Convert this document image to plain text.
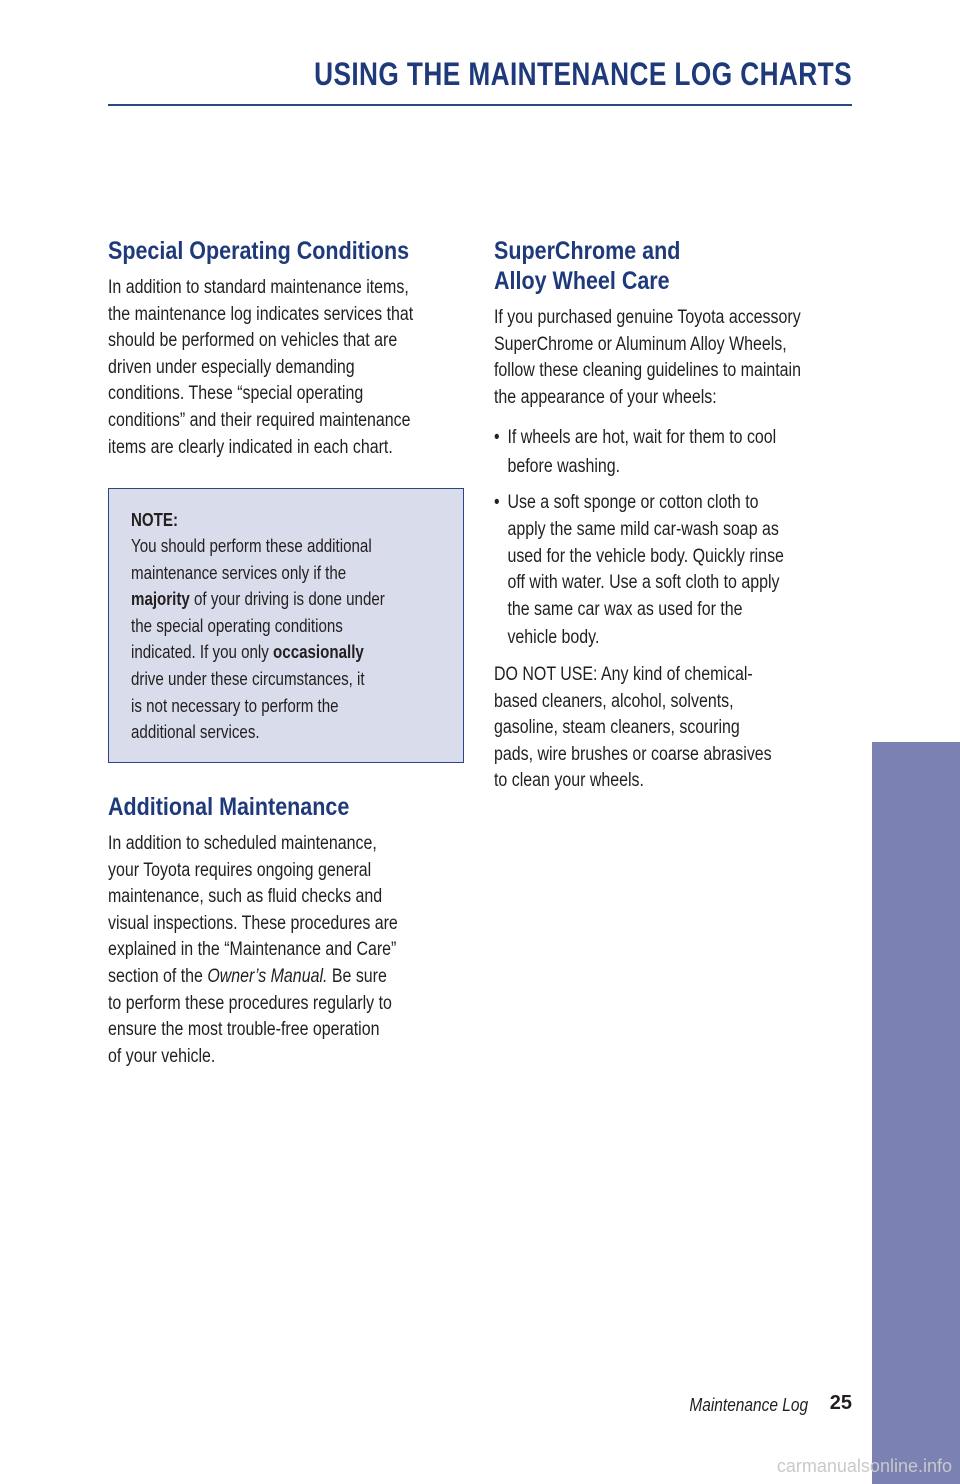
USING THE MAINTENANCE LOG CHARTS
Special Operating Conditions
In addition to standard maintenance items,
the maintenance log indicates services that
should be performed on vehicles that are
driven under especially demanding
conditions. These “special operating
conditions” and their required maintenance
items are clearly indicated in each chart.
NOTE:
You should perform these additional
maintenance services only if the
majority of your driving is done under
the special operating conditions
indicated. If you only occasionally
drive under these circumstances, it
is not necessary to perform the
additional services.
Additional Maintenance
In addition to scheduled maintenance,
your Toyota requires ongoing general
maintenance, such as fluid checks and
visual inspections. These procedures are
explained in the “Maintenance and Care”
section of the Owner’s Manual. Be sure
to perform these procedures regularly to
ensure the most trouble-free operation
of your vehicle.
SuperChrome and
Alloy Wheel Care
If you purchased genuine Toyota accessory
SuperChrome or Aluminum Alloy Wheels,
follow these cleaning guidelines to maintain
the appearance of your wheels:
• If wheels are hot, wait for them to cool
before washing.
• Use a soft sponge or cotton cloth to
apply the same mild car-wash soap as
used for the vehicle body. Quickly rinse
off with water. Use a soft cloth to apply
the same car wax as used for the
vehicle body.
DO NOT USE: Any kind of chemical-
based cleaners, alcohol, solvents,
gasoline, steam cleaners, scouring
pads, wire brushes or coarse abrasives
to clean your wheels.
MAINTENANCE
Maintenance Log 25
carmanualsonline.info
